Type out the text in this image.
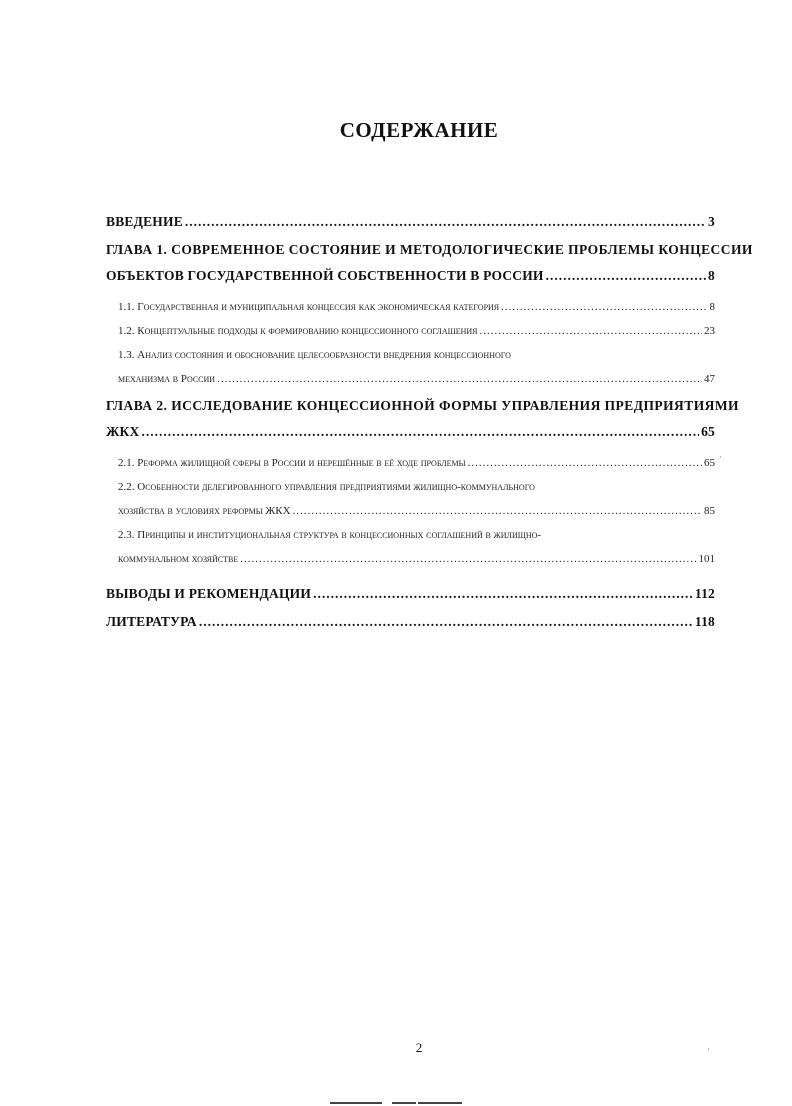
СОДЕРЖАНИЕ
ВВЕДЕНИЕ .....	3
ГЛАВА 1. СОВРЕМЕННОЕ СОСТОЯНИЕ И МЕТОДОЛОГИЧЕСКИЕ ПРОБЛЕМЫ КОНЦЕССИИ
ОБЪЕКТОВ ГОСУДАРСТВЕННОЙ СОБСТВЕННОСТИ В РОССИИ .....	8
1.1. Государственная и муниципальная концессия как экономическая категория .....	8
1.2. Концептуальные подходы к формированию концессионного соглашения .....	23
1.3. Анализ состояния и обоснование целесообразности внедрения концессионного
механизма в России .....	47
ГЛАВА 2. ИССЛЕДОВАНИЕ КОНЦЕССИОННОЙ ФОРМЫ УПРАВЛЕНИЯ ПРЕДПРИЯТИЯМИ
ЖКХ .....	65
2.1. Реформа жилищной сферы в России и нерешённые в её ходе проблемы .....	65
2.2. Особенности делегированного управления предприятиями жилищно-коммунального
хозяйства в условиях реформы ЖКХ .....	85
2.3. Принципы и институциональная структура в концессионных соглашений в жилищно-
коммунальном хозяйстве .....	101
ВЫВОДЫ И РЕКОМЕНДАЦИИ .....	112
ЛИТЕРАТУРА .....	118
2
·
·
